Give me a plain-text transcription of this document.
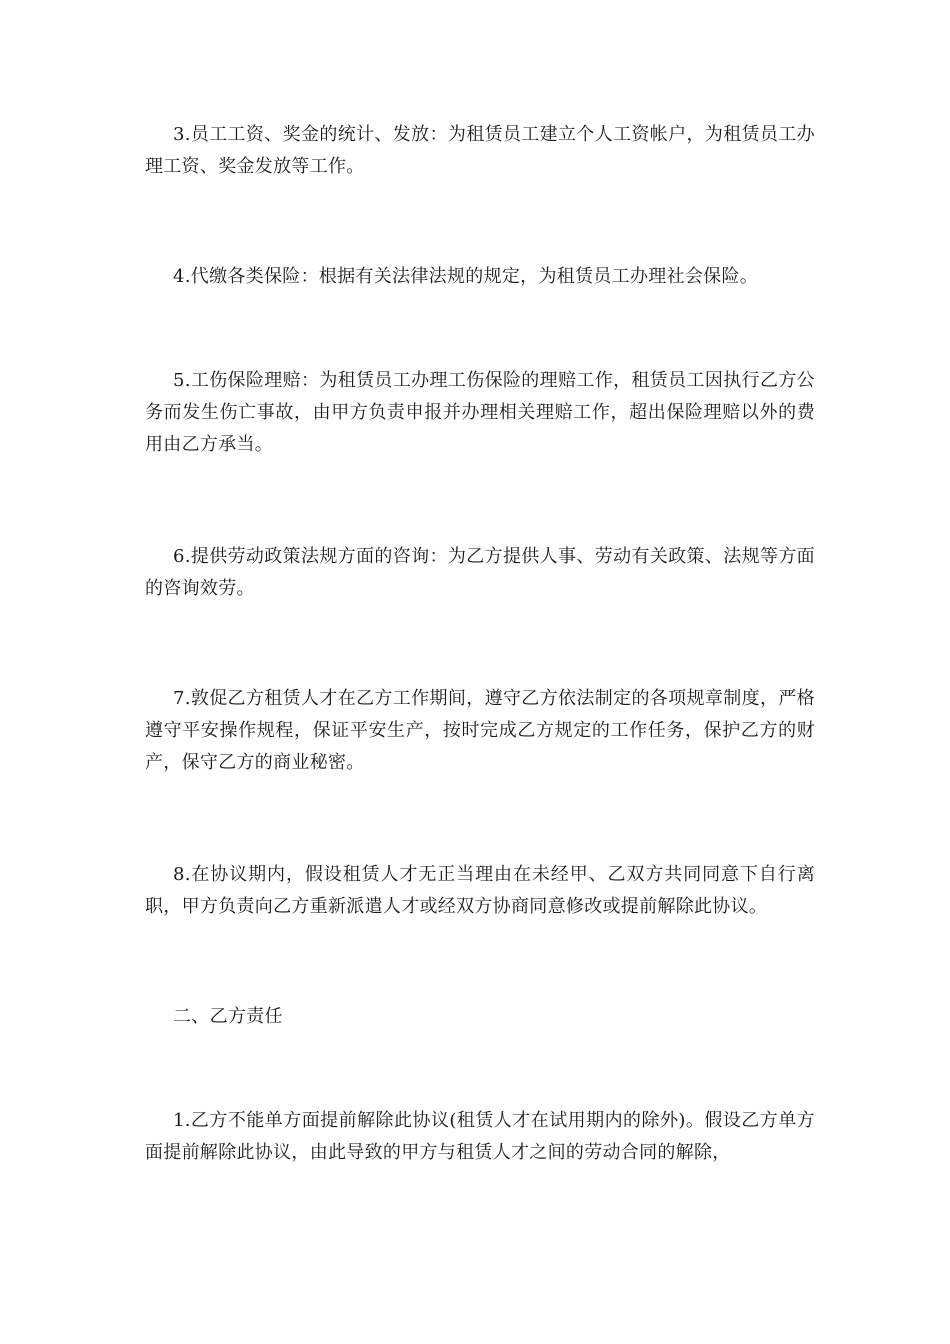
3.员工工资、奖金的统计、发放：为租赁员工建立个人工资帐户，为租赁员工办理工资、奖金发放等工作。

4.代缴各类保险：根据有关法律法规的规定，为租赁员工办理社会保险。

5.工伤保险理赔：为租赁员工办理工伤保险的理赔工作，租赁员工因执行乙方公务而发生伤亡事故，由甲方负责申报并办理相关理赔工作，超出保险理赔以外的费用由乙方承当。

6.提供劳动政策法规方面的咨询：为乙方提供人事、劳动有关政策、法规等方面的咨询效劳。

7.敦促乙方租赁人才在乙方工作期间，遵守乙方依法制定的各项规章制度，严格遵守平安操作规程，保证平安生产，按时完成乙方规定的工作任务，保护乙方的财产，保守乙方的商业秘密。

8.在协议期内，假设租赁人才无正当理由在未经甲、乙双方共同同意下自行离职，甲方负责向乙方重新派遣人才或经双方协商同意修改或提前解除此协议。

二、乙方责任

1.乙方不能单方面提前解除此协议(租赁人才在试用期内的除外)。假设乙方单方面提前解除此协议，由此导致的甲方与租赁人才之间的劳动合同的解除，
